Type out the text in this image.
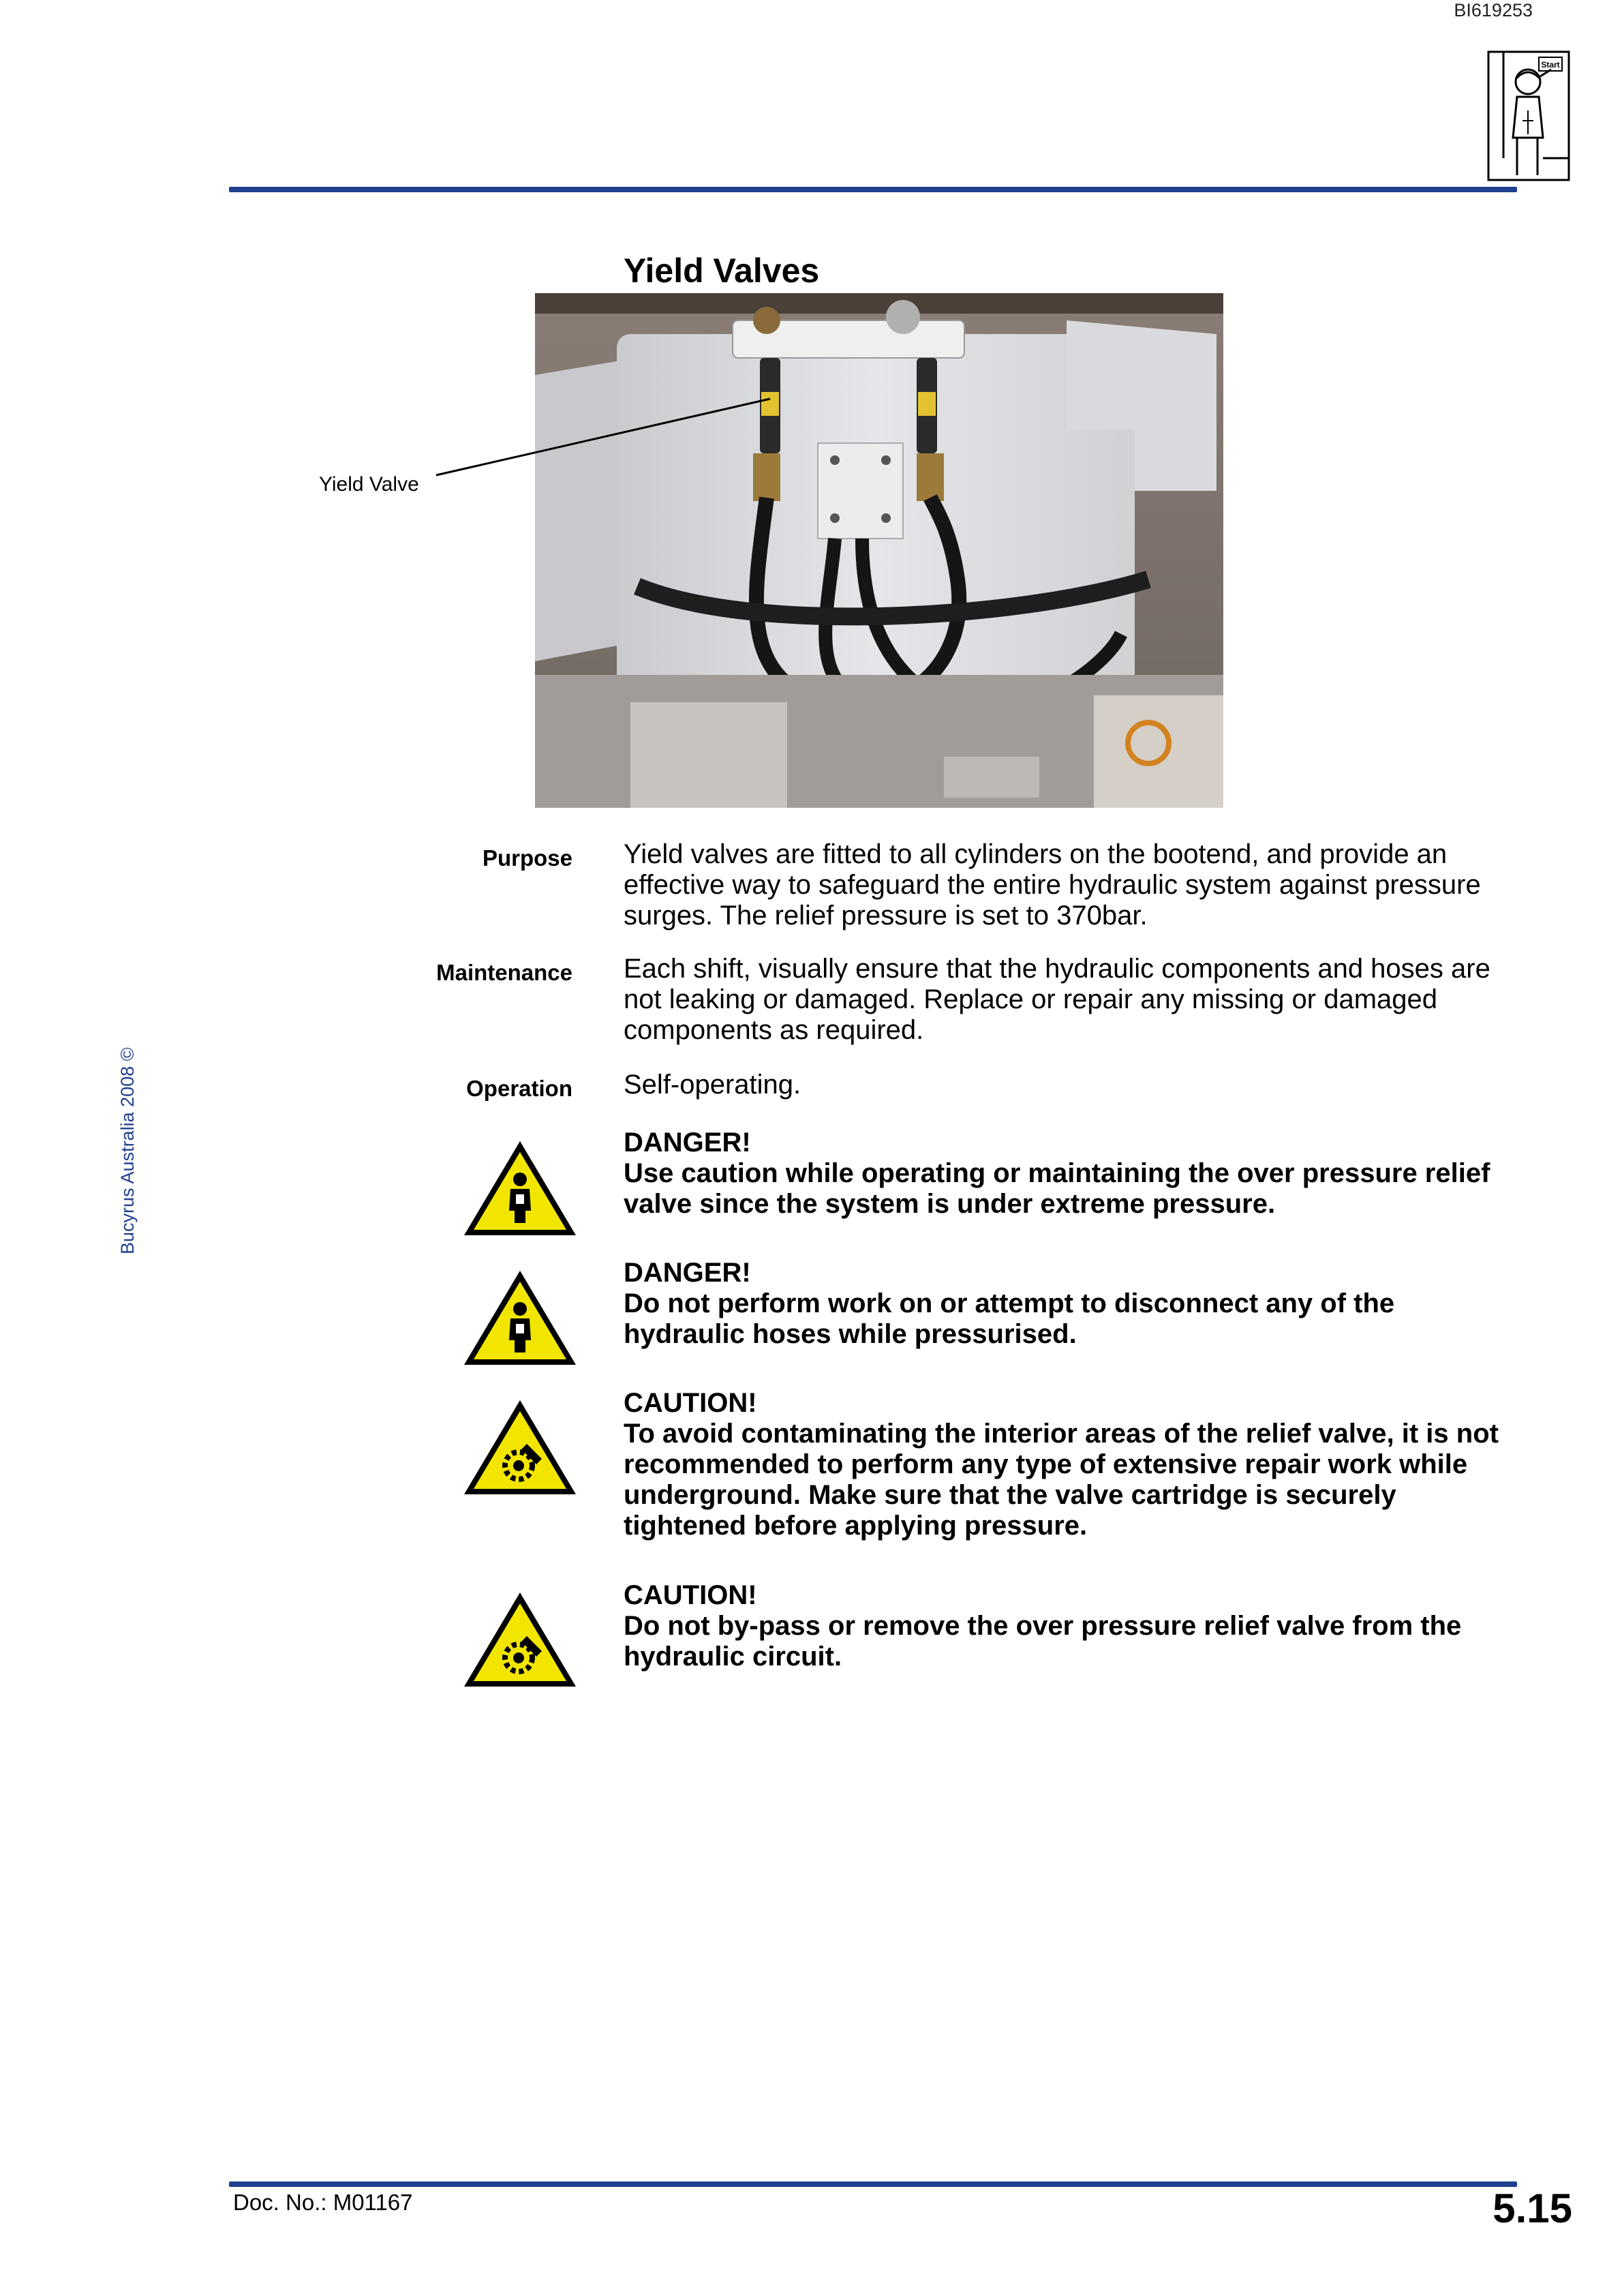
BI619253
Start
Yield Valves
Yield Valve
Purpose Yield valves are fitted to all cylinders on the bootend, and provide an effective way to safeguard the entire hydraulic system against pressure surges. The relief pressure is set to 370bar.
Maintenance Each shift, visually ensure that the hydraulic components and hoses are not leaking or damaged. Replace or repair any missing or damaged components as required.
Operation Self-operating.
DANGER!
Use caution while operating or maintaining the over pressure relief valve since the system is under extreme pressure.
DANGER!
Do not perform work on or attempt to disconnect any of the hydraulic hoses while pressurised.
CAUTION!
To avoid contaminating the interior areas of the relief valve, it is not recommended to perform any type of extensive repair work while underground. Make sure that the valve cartridge is securely tightened before applying pressure.
CAUTION!
Do not by-pass or remove the over pressure relief valve from the hydraulic circuit.
Bucyrus Australia 2008 ©
Doc. No.: M01167	5.15
